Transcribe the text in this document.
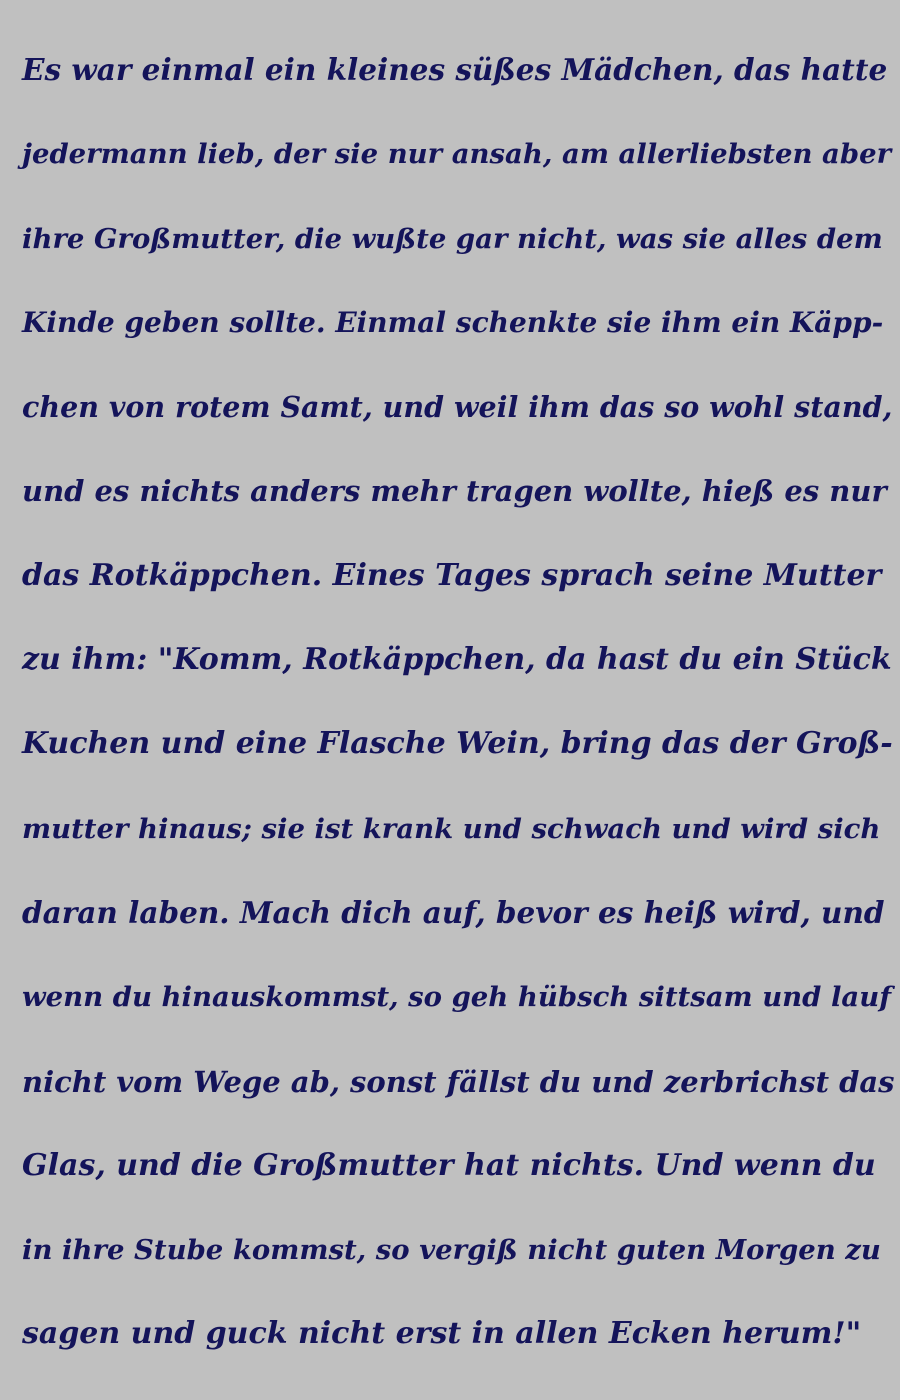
Es war einmal ein kleines süßes Mädchen, das hatte
jedermann lieb, der sie nur ansah, am allerliebsten aber
ihre Großmutter, die wußte gar nicht, was sie alles dem
Kinde geben sollte. Einmal schenkte sie ihm ein Käpp-
chen von rotem Samt, und weil ihm das so wohl stand,
und es nichts anders mehr tragen wollte, hieß es nur
das Rotkäppchen. Eines Tages sprach seine Mutter
zu ihm: "Komm, Rotkäppchen, da hast du ein Stück
Kuchen und eine Flasche Wein, bring das der Groß-
mutter hinaus; sie ist krank und schwach und wird sich
daran laben. Mach dich auf, bevor es heiß wird, und
wenn du hinauskommst, so geh hübsch sittsam und lauf
nicht vom Wege ab, sonst fällst du und zerbrichst das
Glas, und die Großmutter hat nichts. Und wenn du
in ihre Stube kommst, so vergiß nicht guten Morgen zu
sagen und guck nicht erst in allen Ecken herum!"
